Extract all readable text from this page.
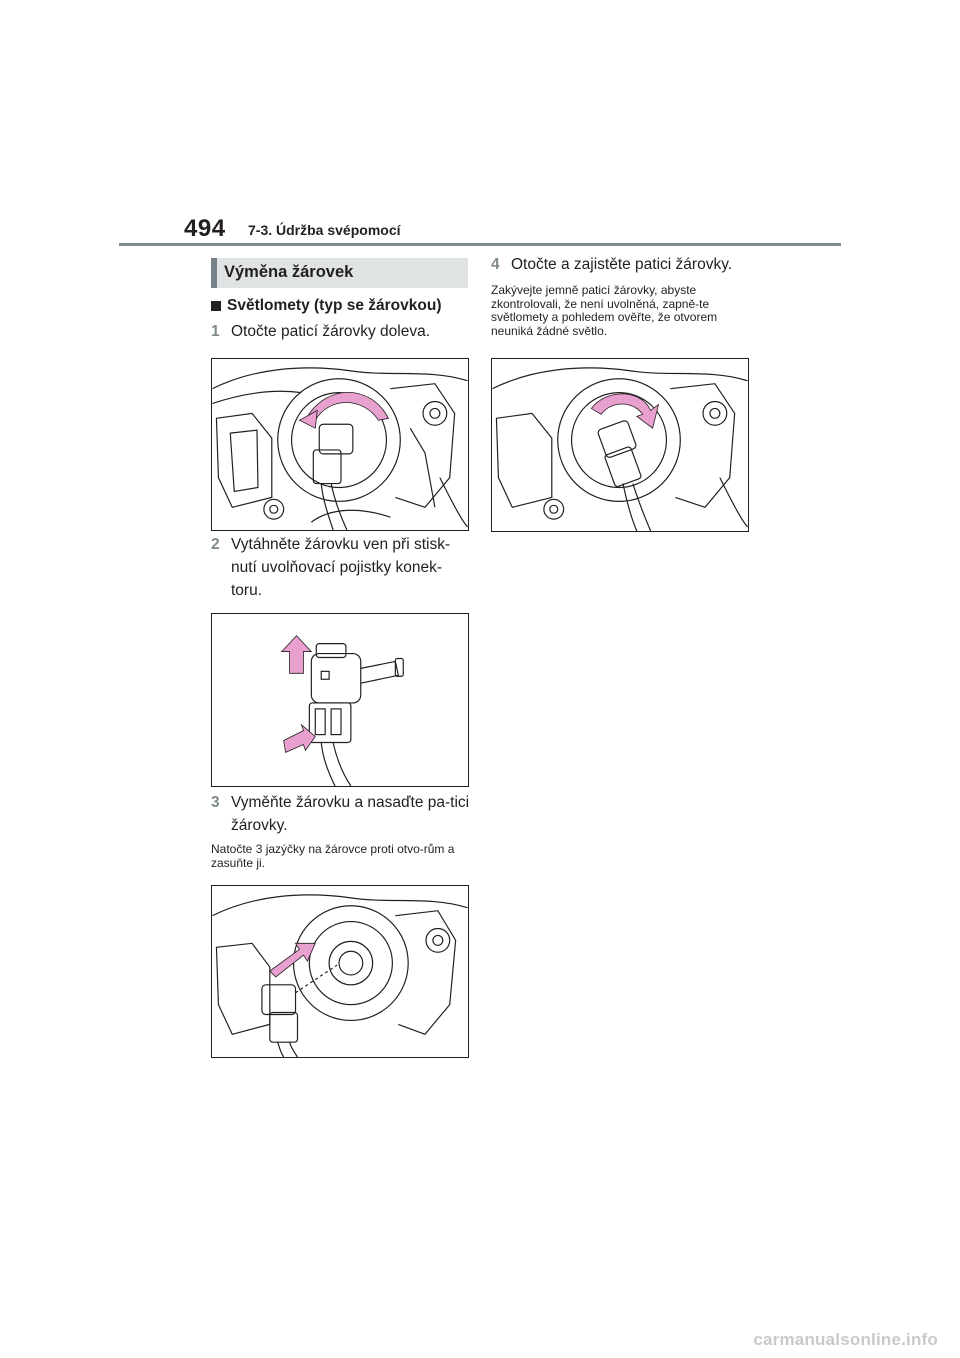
494 7-3. Údržba svépomocí
Výměna žárovek
Světlomety (typ se žárovkou)
1 Otočte paticí žárovky doleva.
2 Vytáhněte žárovku ven při stisk-nutí uvolňovací pojistky konek-toru.
3 Vyměňte žárovku a nasaďte pa-tici žárovky.
Natočte 3 jazýčky na žárovce proti otvo-rům a zasuňte ji.
4 Otočte a zajistěte patici žárovky.
Zakývejte jemně paticí žárovky, abyste zkontrolovali, že není uvolněná, zapně-te světlomety a pohledem ověřte, že otvorem neuniká žádné světlo.
carmanualsonline.info
